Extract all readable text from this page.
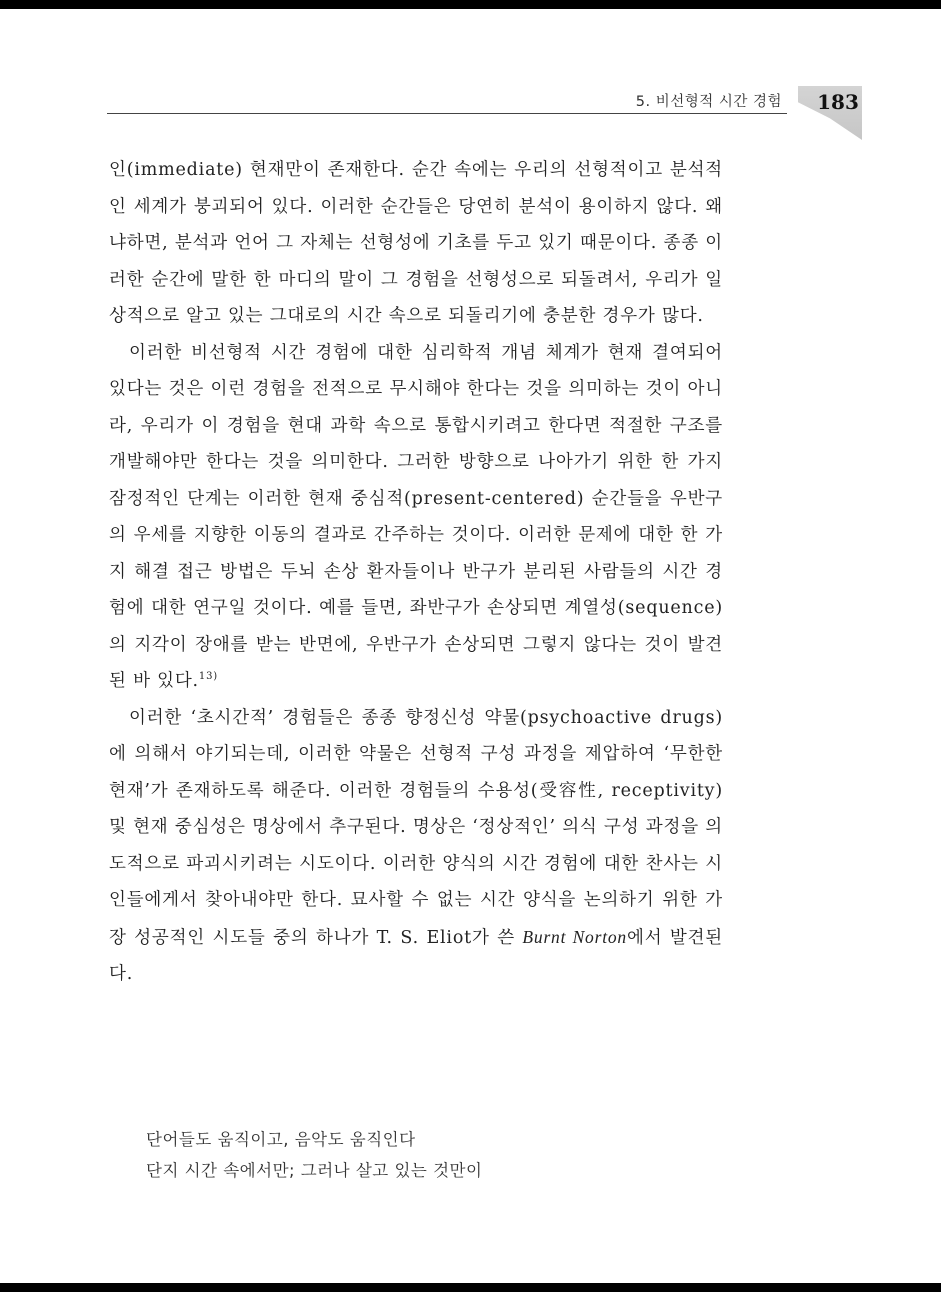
5. 비선형적 시간 경험	183

인(immediate) 현재만이 존재한다. 순간 속에는 우리의 선형적이고 분석적인 세계가 붕괴되어 있다. 이러한 순간들은 당연히 분석이 용이하지 않다. 왜냐하면, 분석과 언어 그 자체는 선형성에 기초를 두고 있기 때문이다. 종종 이러한 순간에 말한 한 마디의 말이 그 경험을 선형성으로 되돌려서, 우리가 일상적으로 알고 있는 그대로의 시간 속으로 되돌리기에 충분한 경우가 많다.

이러한 비선형적 시간 경험에 대한 심리학적 개념 체계가 현재 결여되어 있다는 것은 이런 경험을 전적으로 무시해야 한다는 것을 의미하는 것이 아니라, 우리가 이 경험을 현대 과학 속으로 통합시키려고 한다면 적절한 구조를 개발해야만 한다는 것을 의미한다. 그러한 방향으로 나아가기 위한 한 가지 잠정적인 단계는 이러한 현재 중심적(present-centered) 순간들을 우반구의 우세를 지향한 이동의 결과로 간주하는 것이다. 이러한 문제에 대한 한 가지 해결 접근 방법은 두뇌 손상 환자들이나 반구가 분리된 사람들의 시간 경험에 대한 연구일 것이다. 예를 들면, 좌반구가 손상되면 계열성(sequence)의 지각이 장애를 받는 반면에, 우반구가 손상되면 그렇지 않다는 것이 발견된 바 있다.$^{13)}$

이러한 ‘초시간적’ 경험들은 종종 향정신성 약물(psychoactive drugs)에 의해서 야기되는데, 이러한 약물은 선형적 구성 과정을 제압하여 ‘무한한 현재’가 존재하도록 해준다. 이러한 경험들의 수용성(受容性, receptivity) 및 현재 중심성은 명상에서 추구된다. 명상은 ‘정상적인’ 의식 구성 과정을 의도적으로 파괴시키려는 시도이다. 이러한 양식의 시간 경험에 대한 찬사는 시인들에게서 찾아내야만 한다. 묘사할 수 없는 시간 양식을 논의하기 위한 가장 성공적인 시도들 중의 하나가 T. S. Eliot가 쓴 Burnt Norton에서 발견된다.

단어들도 움직이고, 음악도 움직인다
단지 시간 속에서만; 그러나 살고 있는 것만이
